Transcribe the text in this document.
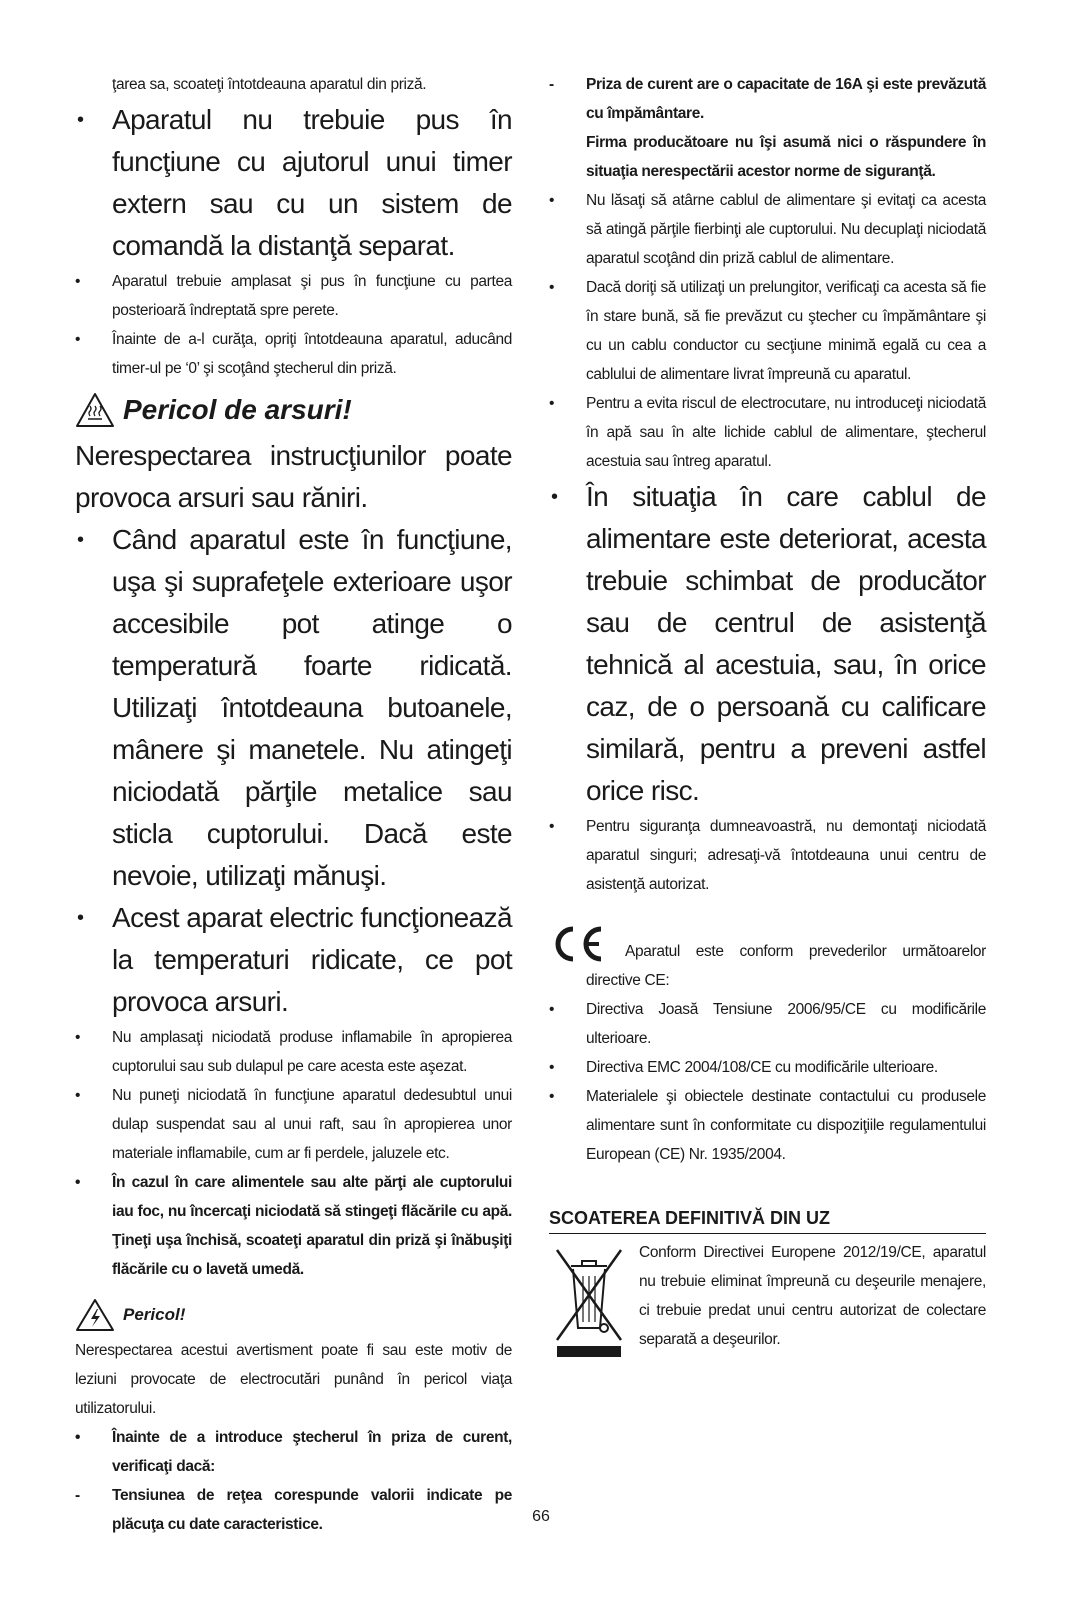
ţarea sa, scoateţi întotdeauna aparatul din priză.

• Aparatul nu trebuie pus în funcţiune cu ajutorul unui timer extern sau cu un sistem de comandă la distanţă separat.

• Aparatul trebuie amplasat şi pus în funcţiune cu partea posterioară îndreptată spre perete.

• Înainte de a-l curăţa, opriţi întotdeauna aparatul, aducând timer-ul pe ‘0’ şi scoţând ştecherul din priză.

Pericol de arsuri!

Nerespectarea instrucţiunilor poate provoca arsuri sau răniri.

• Când aparatul este în funcţiune, uşa şi suprafeţele exterioare uşor accesibile pot atinge o temperatură foarte ridicată. Utilizaţi întotdeauna butoanele, mânere şi manetele. Nu atingeţi niciodată părţile metalice sau sticla cuptorului. Dacă este nevoie, utilizaţi mănuşi.

• Acest aparat electric funcţionează la temperaturi ridicate, ce pot provoca arsuri.

• Nu amplasaţi niciodată produse inflamabile în apropierea cuptorului sau sub dulapul pe care acesta este aşezat.

• Nu puneţi niciodată în funcţiune aparatul dedesubtul unui dulap suspendat sau al unui raft, sau în apropierea unor materiale inflamabile, cum ar fi perdele, jaluzele etc.

• În cazul în care alimentele sau alte părţi ale cuptorului iau foc, nu încercaţi niciodată să stingeţi flăcările cu apă. Ţineţi uşa închisă, scoateţi aparatul din priză şi înăbuşiţi flăcările cu o lavetă umedă.

Pericol!

Nerespectarea acestui avertisment poate fi sau este motiv de leziuni provocate de electrocutări punând în pericol viaţa utilizatorului.

• Înainte de a introduce ştecherul în priza de curent, verificaţi dacă:

- Tensiunea de reţea corespunde valorii indicate pe plăcuţa cu date caracteristice.

- Priza de curent are o capacitate de 16A şi este prevăzută cu împământare.

Firma producătoare nu îşi asumă nici o răspundere în situaţia nerespectării acestor norme de siguranţă.

• Nu lăsaţi să atârne cablul de alimentare şi evitaţi ca acesta să atingă părţile fierbinţi ale cuptorului. Nu decuplaţi niciodată aparatul scoţând din priză cablul de alimentare.

• Dacă doriţi să utilizaţi un prelungitor, verificaţi ca acesta să fie în stare bună, să fie prevăzut cu ştecher cu împământare şi cu un cablu conductor cu secţiune minimă egală cu cea a cablului de alimentare livrat împreună cu aparatul.

• Pentru a evita riscul de electrocutare, nu introduceţi niciodată în apă sau în alte lichide cablul de alimentare, ştecherul acestuia sau întreg aparatul.

• În situaţia în care cablul de alimentare este deteriorat, acesta trebuie schimbat de producător sau de centrul de asistenţă tehnică al acestuia, sau, în orice caz, de o persoană cu calificare similară, pentru a preveni astfel orice risc.

• Pentru siguranţa dumneavoastră, nu demontaţi niciodată aparatul singuri; adresaţi-vă întotdeauna unui centru de asistenţă autorizat.

Aparatul este conform prevederilor următoarelor directive CE:

• Directiva Joasă Tensiune 2006/95/CE cu modificările ulterioare.

• Directiva EMC 2004/108/CE cu modificările ulterioare.

• Materialele şi obiectele destinate contactului cu produsele alimentare sunt în conformitate cu dispoziţiile regulamentului European (CE) Nr. 1935/2004.

SCOATEREA DEFINITIVĂ DIN UZ

Conform Directivei Europene 2012/19/CE, aparatul nu trebuie eliminat împreună cu deşeurile menajere, ci trebuie predat unui centru autorizat de colectare separată a deşeurilor.

66
